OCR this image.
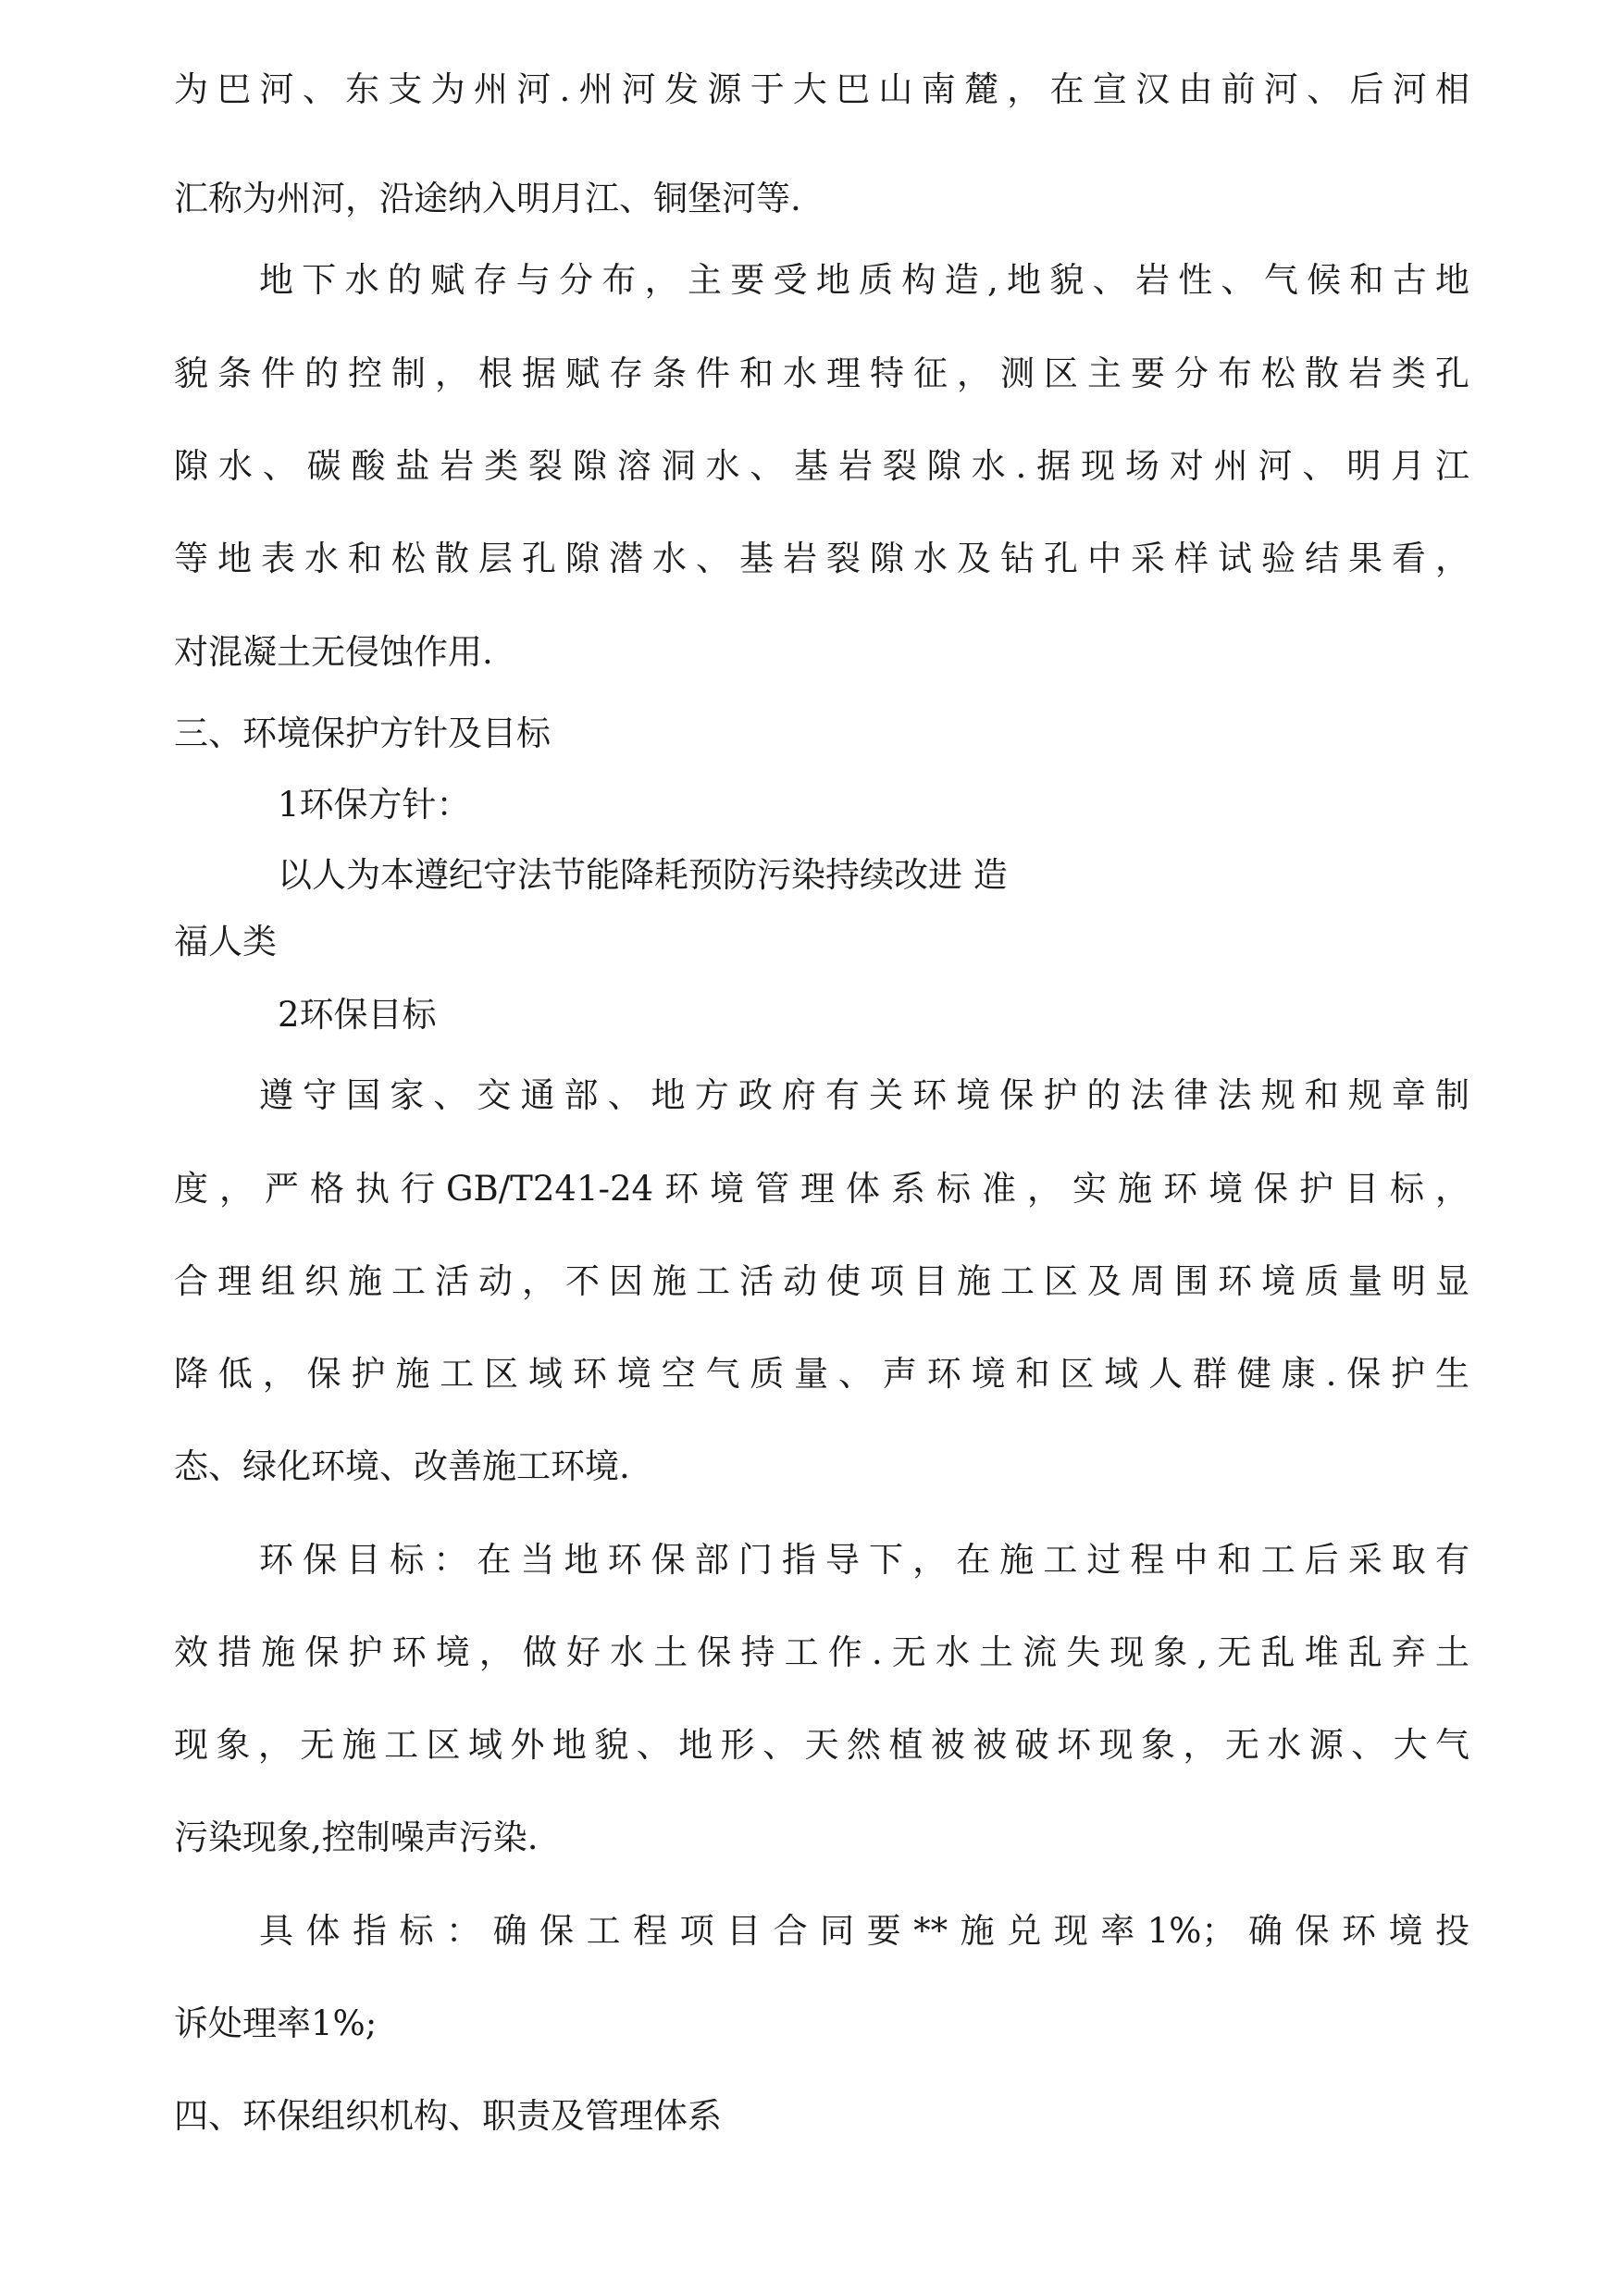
为巴河、东支为州河.州河发源于大巴山南麓，在宣汉由前河、后河相
汇称为州河，沿途纳入明月江、铜堡河等.
地下水的赋存与分布，主要受地质构造,地貌、岩性、气候和古地
貌条件的控制，根据赋存条件和水理特征，测区主要分布松散岩类孔
隙水、碳酸盐岩类裂隙溶洞水、基岩裂隙水.据现场对州河、明月江
等地表水和松散层孔隙潜水、基岩裂隙水及钻孔中采样试验结果看，
对混凝土无侵蚀作用.
三、环境保护方针及目标
1环保方针：
以人为本遵纪守法节能降耗预防污染持续改进 造
福人类
2环保目标
遵守国家、交通部、地方政府有关环境保护的法律法规和规章制
度，严格执行GB/T241-24环境管理体系标准，实施环境保护目标，
合理组织施工活动，不因施工活动使项目施工区及周围环境质量明显
降低，保护施工区域环境空气质量、声环境和区域人群健康.保护生
态、绿化环境、改善施工环境.
环保目标：在当地环保部门指导下，在施工过程中和工后采取有
效措施保护环境，做好水土保持工作.无水土流失现象,无乱堆乱弃土
现象，无施工区域外地貌、地形、天然植被被破坏现象，无水源、大气
污染现象,控制噪声污染.
具体指标：确保工程项目合同要**施兑现率1%；确保环境投
诉处理率1%;
四、环保组织机构、职责及管理体系
